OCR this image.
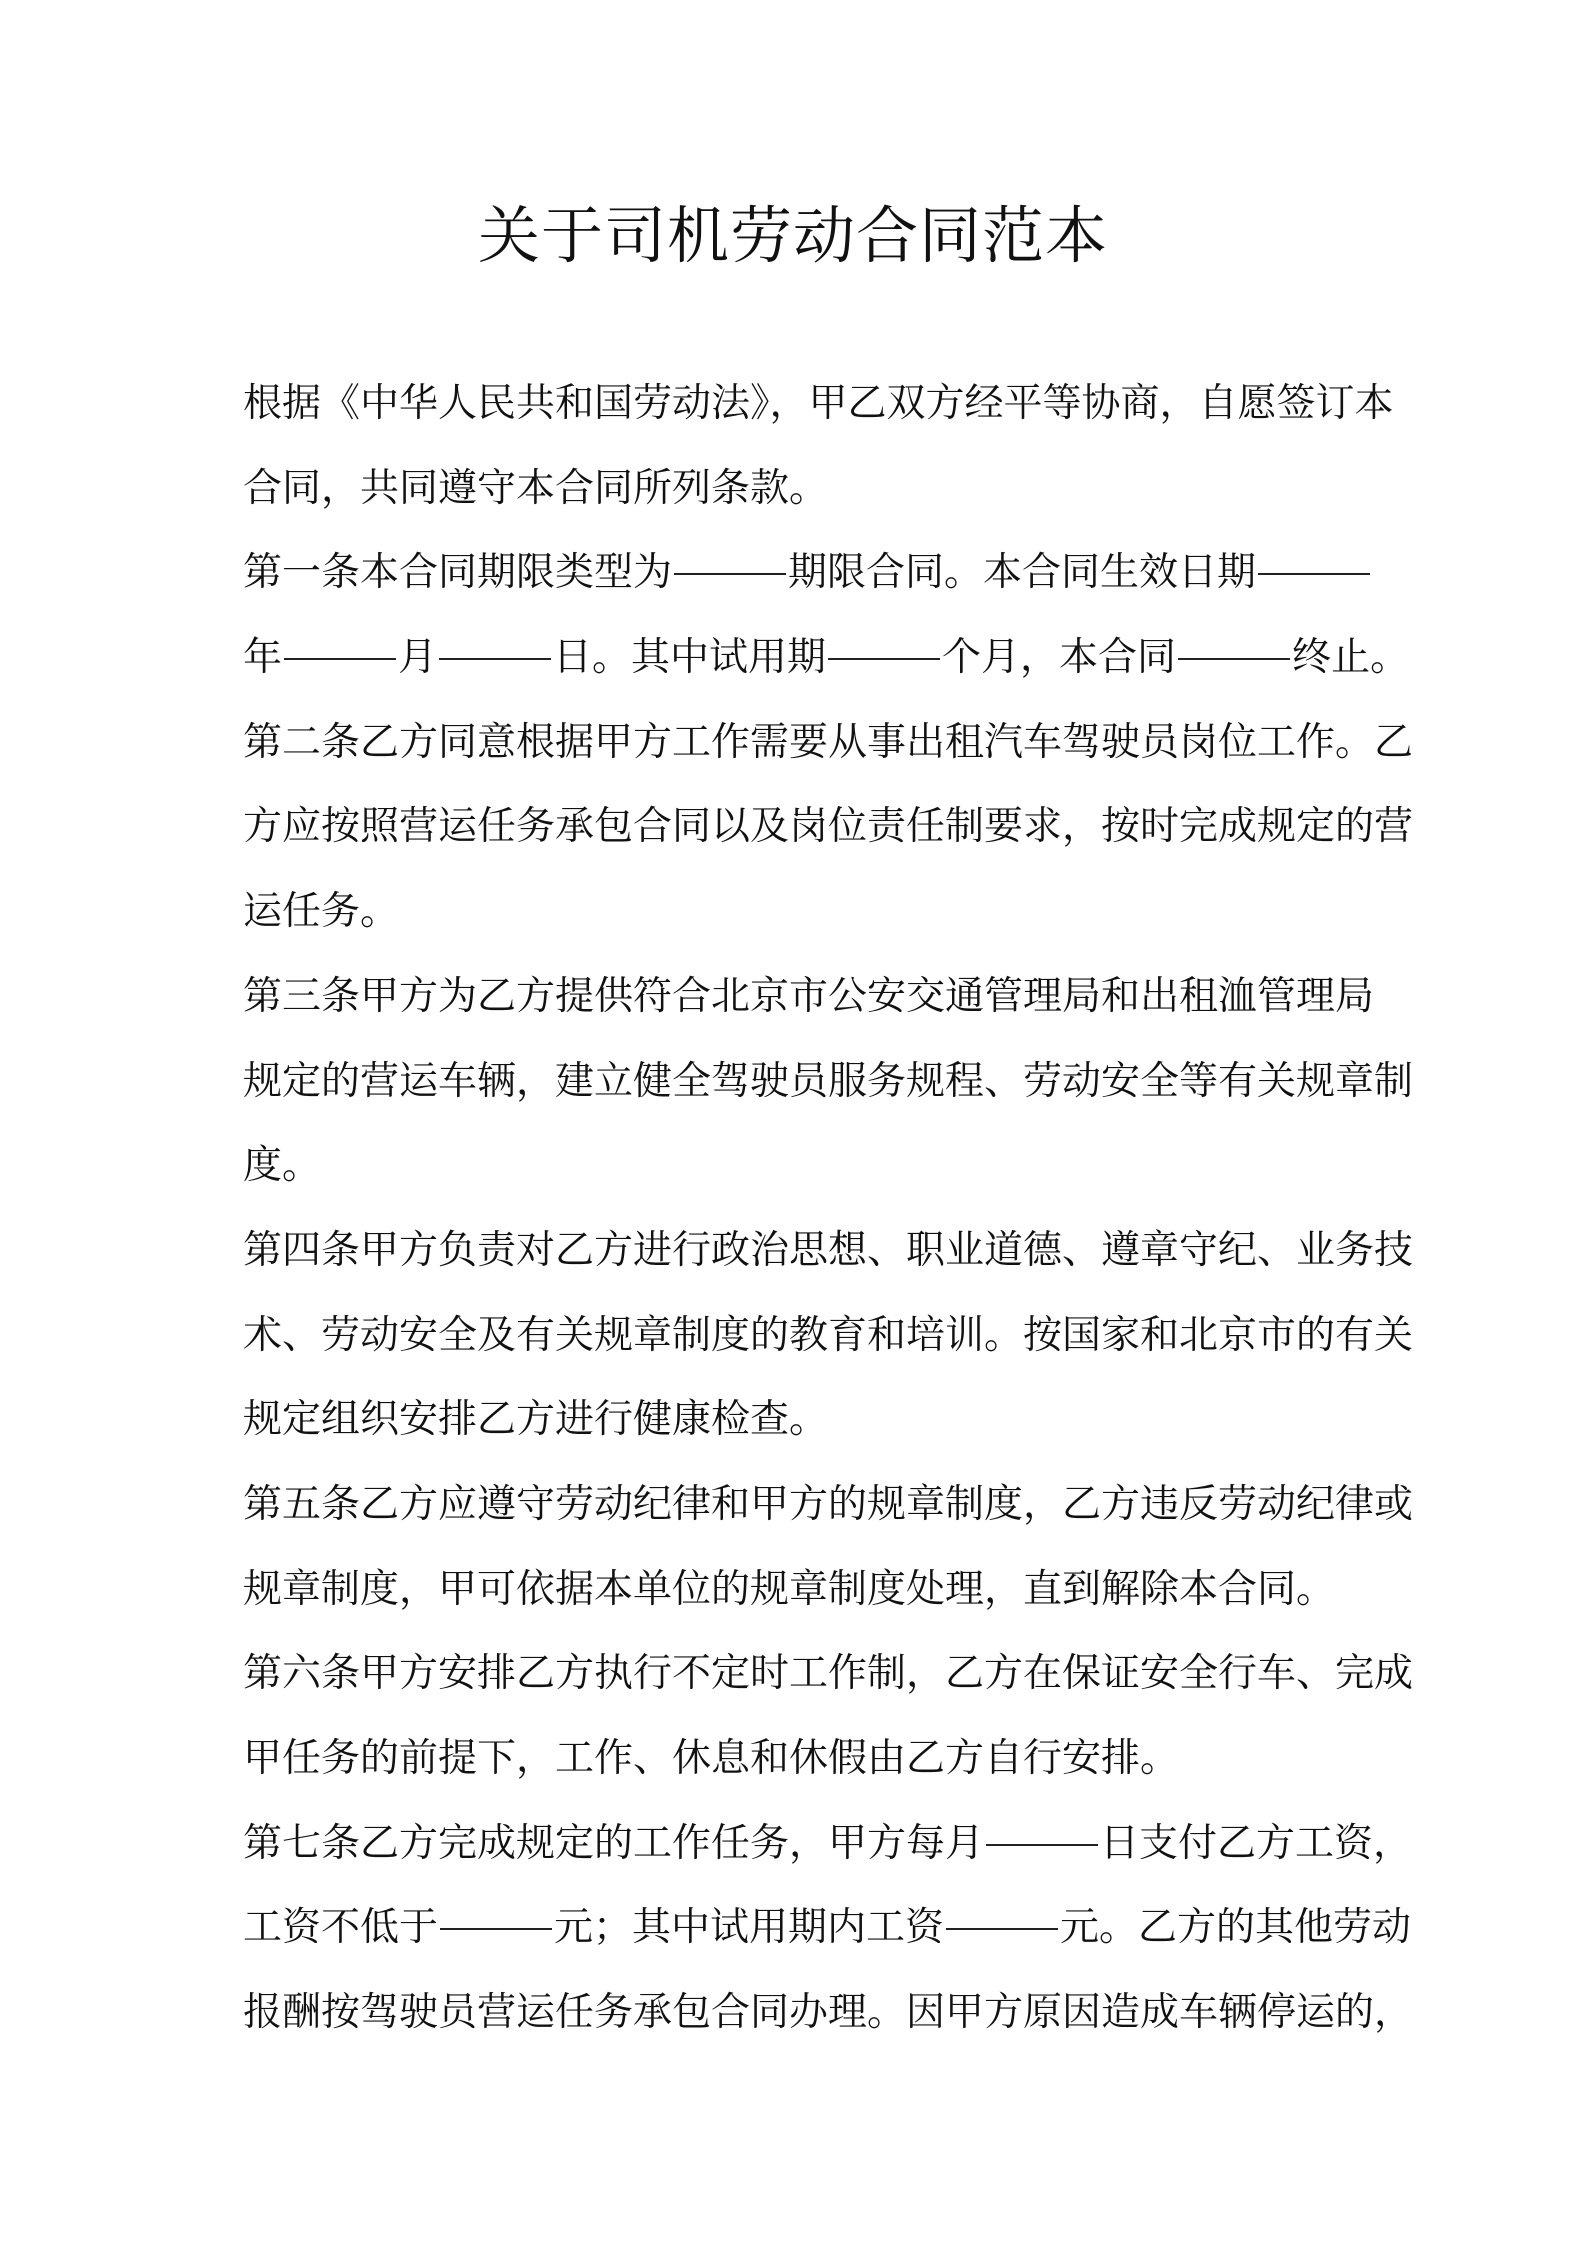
关于司机劳动合同范本
根据《中华人民共和国劳动法》，甲乙双方经平等协商，自愿签订本
合同，共同遵守本合同所列条款。
第一条本合同期限类型为	期限合同。本合同生效日期
年	月	日。其中试用期	个月，本合同	终止。
第二条乙方同意根据甲方工作需要从事出租汽车驾驶员岗位工作。乙
方应按照营运任务承包合同以及岗位责任制要求，按时完成规定的营
运任务。
第三条甲方为乙方提供符合北京市公安交通管理局和出租洫管理局
规定的营运车辆，建立健全驾驶员服务规程、劳动安全等有关规章制
度。
第四条甲方负责对乙方进行政治思想、职业道德、遵章守纪、业务技
术、劳动安全及有关规章制度的教育和培训。按国家和北京市的有关
规定组织安排乙方进行健康检查。
第五条乙方应遵守劳动纪律和甲方的规章制度，乙方违反劳动纪律或
规章制度，甲可依据本单位的规章制度处理，直到解除本合同。
第六条甲方安排乙方执行不定时工作制，乙方在保证安全行车、完成
甲任务的前提下，工作、休息和休假由乙方自行安排。
第七条乙方完成规定的工作任务，甲方每月	日支付乙方工资，
工资不低于	元；其中试用期内工资	元。乙方的其他劳动
报酬按驾驶员营运任务承包合同办理。因甲方原因造成车辆停运的，
